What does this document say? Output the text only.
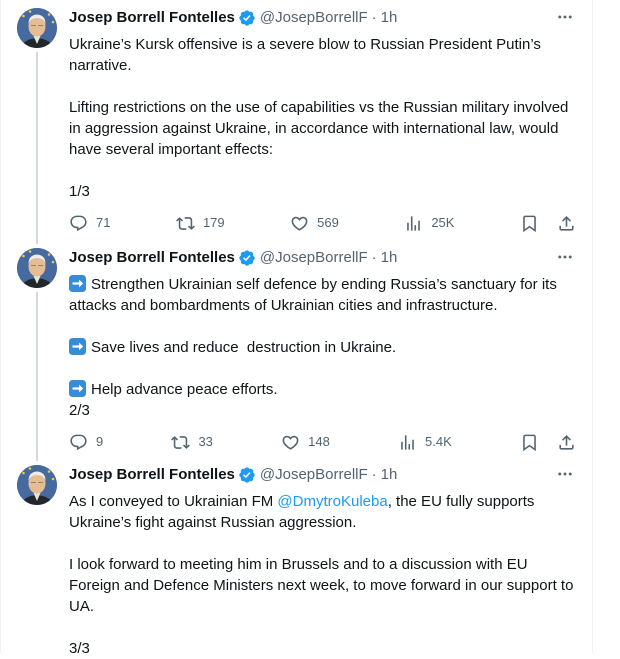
Josep Borrell Fontelles @JosepBorrellF · 1h

Ukraine’s Kursk offensive is a severe blow to Russian President Putin’s narrative.

Lifting restrictions on the use of capabilities vs the Russian military involved in aggression against Ukraine, in accordance with international law, would have several important effects:

1/3

71	179	569	25K
Josep Borrell Fontelles @JosepBorrellF · 1h

Strengthen Ukrainian self defence by ending Russia’s sanctuary for its attacks and bombardments of Ukrainian cities and infrastructure.

Save lives and reduce  destruction in Ukraine.

Help advance peace efforts.

2/3

9	33	148	5.4K
Josep Borrell Fontelles @JosepBorrellF · 1h

As I conveyed to Ukrainian FM @DmytroKuleba, the EU fully supports Ukraine’s fight against Russian aggression.

I look forward to meeting him in Brussels and to a discussion with EU Foreign and Defence Ministers next week, to move forward in our support to UA.

3/3
